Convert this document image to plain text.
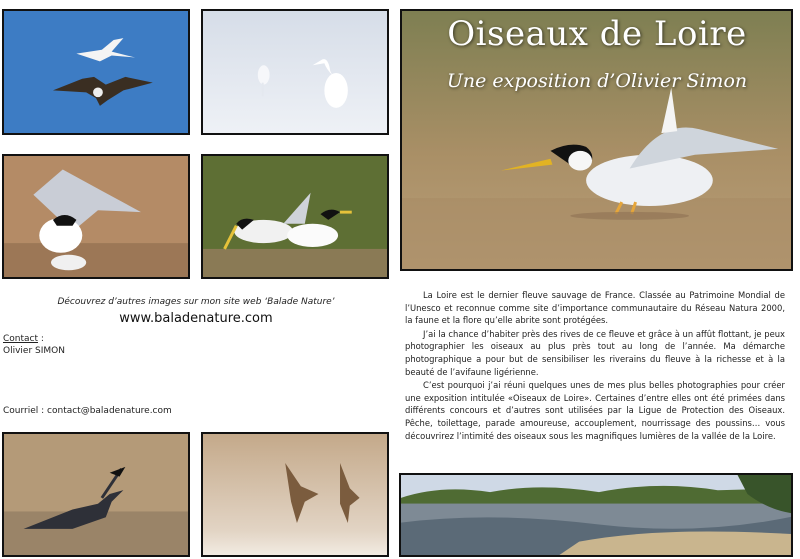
Oiseaux de Loire
Une exposition d’Olivier Simon
Découvrez d’autres images sur mon site web ‘Balade Nature’
www.baladenature.com
Contact :
Olivier SIMON
Courriel : contact@baladenature.com

La Loire est le dernier fleuve sauvage de France. Classée au Patrimoine Mondial de l’Unesco et reconnue comme site d’importance communautaire du Réseau Natura 2000, la faune et la flore qu’elle abrite sont protégées.

J’ai la chance d’habiter près des rives de ce fleuve et grâce à un affût flottant, je peux photographier les oiseaux au plus près tout au long de l’année. Ma démarche photographique a pour but de sensibiliser les riverains du fleuve à la richesse et à la beauté de l’avifaune ligérienne.

C’est pourquoi j’ai réuni quelques unes de mes plus belles photographies pour créer une exposition intitulée «Oiseaux de Loire». Certaines d’entre elles ont été primées dans différents concours et d’autres sont utilisées par la Ligue de Protection des Oiseaux. Pêche, toilettage, parade amoureuse, accouplement, nourrissage des poussins… vous découvrirez l’intimité des oiseaux sous les magnifiques lumières de la vallée de la Loire.
